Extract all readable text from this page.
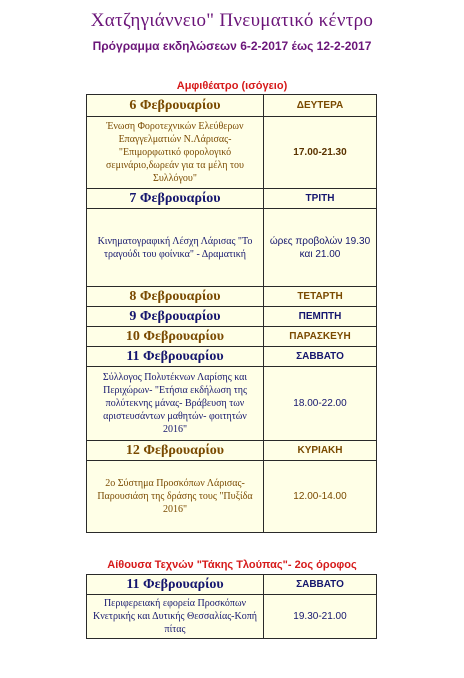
Χατζηγιάννειο" Πνευματικό κέντρο
Πρόγραμμα εκδηλώσεων 6-2-2017 έως 12-2-2017
Αμφιθέατρο (ισόγειο)
6 Φεβρουαρίου	ΔΕΥΤΕΡΑ
Ένωση Φοροτεχνικών Ελεύθερων Επαγγελματιών Ν.Λάρισας- "Επιμορφωτικό φορολογικό σεμινάριο,δωρεάν για τα μέλη του Συλλόγου"	17.00-21.30
7 Φεβρουαρίου	ΤΡΙΤΗ
Κινηματογραφική Λέσχη Λάρισας "Το τραγούδι του φοίνικα" - Δραματική	ώρες προβολών 19.30 και 21.00
8 Φεβρουαρίου	ΤΕΤΑΡΤΗ
9 Φεβρουαρίου	ΠΕΜΠΤΗ
10 Φεβρουαρίου	ΠΑΡΑΣΚΕΥΗ
11 Φεβρουαρίου	ΣΑΒΒΑΤΟ
Σύλλογος Πολυτέκνων Λαρίσης και Περιχώρων- "Ετήσια εκδήλωση της πολύτεκνης μάνας- Βράβευση των αριστευσάντων μαθητών- φοιτητών 2016"	18.00-22.00
12 Φεβρουαρίου	ΚΥΡΙΑΚΗ
2ο Σύστημα Προσκόπων Λάρισας- Παρουσιάση της δράσης τους "Πυξίδα 2016"	12.00-14.00
Αίθουσα Τεχνών "Τάκης Τλούπας"- 2ος όροφος
11 Φεβρουαρίου	ΣΑΒΒΑΤΟ
Περιφερειακή εφορεία Προσκόπων Κνετρικής και Δυτικής Θεσσαλίας-Κοπή πίτας	19.30-21.00
